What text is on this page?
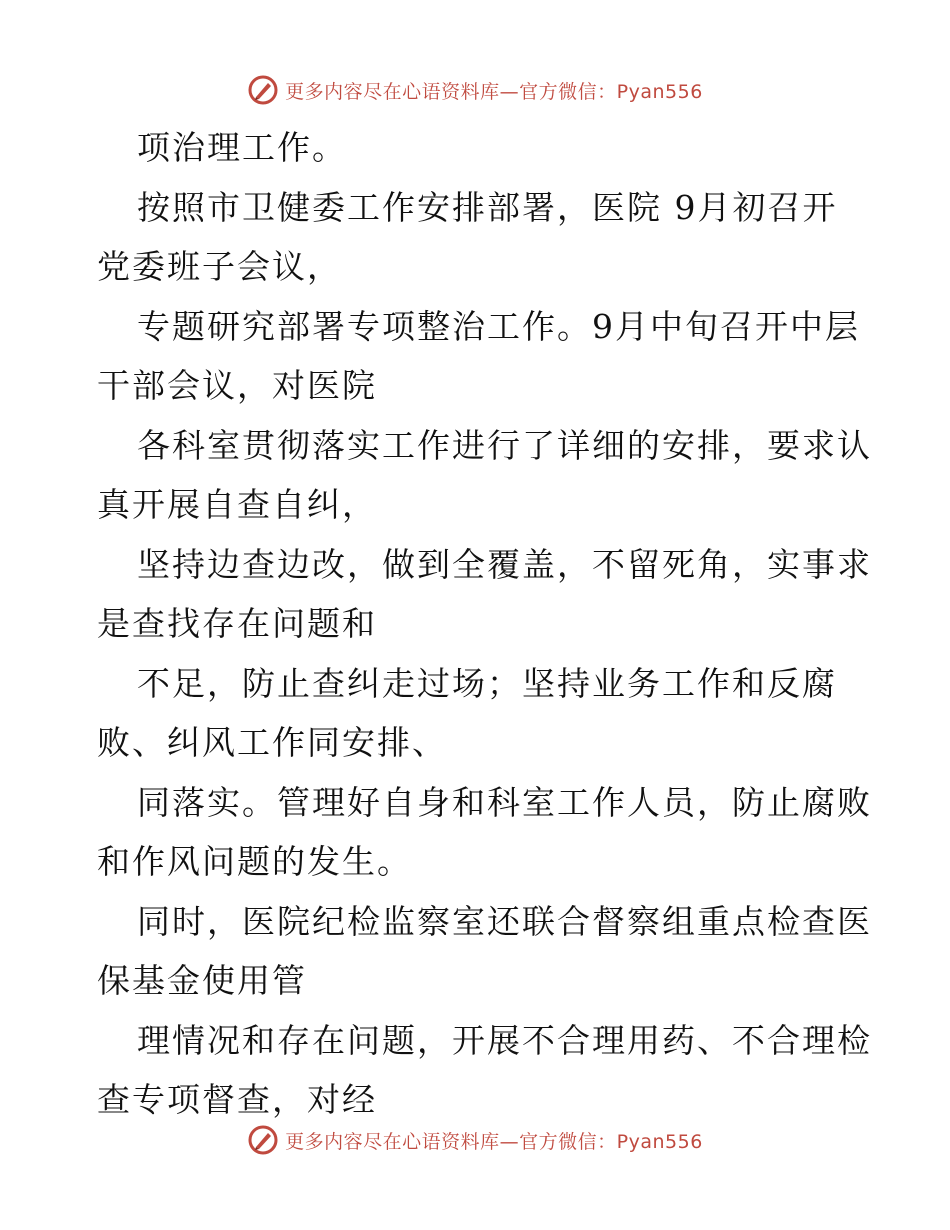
更多内容尽在心语资料库—官方微信：Pyan556
项治理工作。
按照市卫健委工作安排部署，医院 9月初召开
党委班子会议，
专题研究部署专项整治工作。9月中旬召开中层
干部会议，对医院
各科室贯彻落实工作进行了详细的安排，要求认
真开展自查自纠，
坚持边查边改，做到全覆盖，不留死角，实事求
是查找存在问题和
不足，防止查纠走过场；坚持业务工作和反腐
败、纠风工作同安排、
同落实。管理好自身和科室工作人员，防止腐败
和作风问题的发生。
同时，医院纪检监察室还联合督察组重点检查医
保基金使用管
理情况和存在问题，开展不合理用药、不合理检
查专项督查，对经
更多内容尽在心语资料库—官方微信：Pyan556
